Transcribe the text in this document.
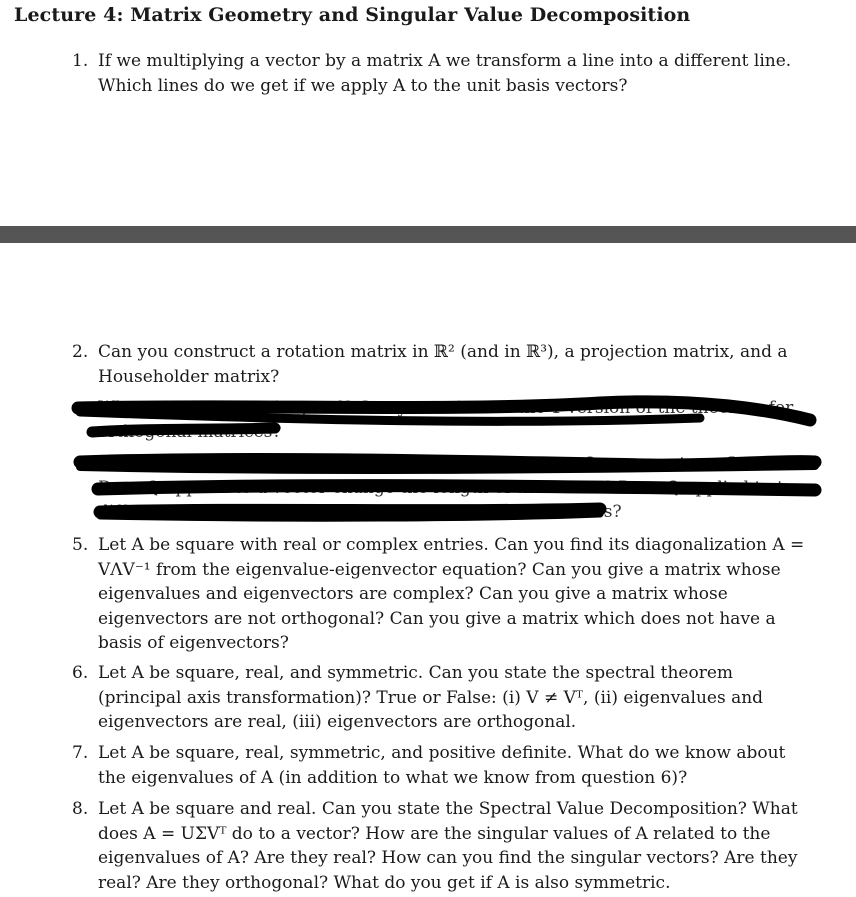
Lecture 4: Matrix Geometry and Singular Value Decomposition
1. If we multiplying a vector by a matrix A we transform a line into a different line. Which lines do we get if we apply A to the unit basis vectors?
2. Can you construct a rotation matrix in ℝ² (and in ℝ³), a projection matrix, and a Householder matrix?
When is a matrix orthogonal? Can you write out the 1 version of the theorem for
orthogonal matrices?
When does a matrix Q represent a rotation? When does Q represent a reflection.
Does Q applied to a vector change the length of the vector? Does Q applied to two
different vectors change the angle between the two vectors?
5. Let A be square with real or complex entries. Can you find its diagonalization A = VΛV⁻¹ from the eigenvalue-eigenvector equation? Can you give a matrix whose eigenvalues and eigenvectors are complex? Can you give a matrix whose eigenvectors are not orthogonal? Can you give a matrix which does not have a basis of eigenvectors?
6. Let A be square, real, and symmetric. Can you state the spectral theorem (principal axis transformation)? True or False: (i) V ≠ Vᵀ, (ii) eigenvalues and eigenvectors are real, (iii) eigenvectors are orthogonal.
7. Let A be square, real, symmetric, and positive definite. What do we know about the eigenvalues of A (in addition to what we know from question 6)?
8. Let A be square and real. Can you state the Spectral Value Decomposition? What does A = UΣVᵀ do to a vector? How are the singular values of A related to the eigenvalues of A? Are they real? How can you find the singular vectors? Are they real? Are they orthogonal? What do you get if A is also symmetric.
